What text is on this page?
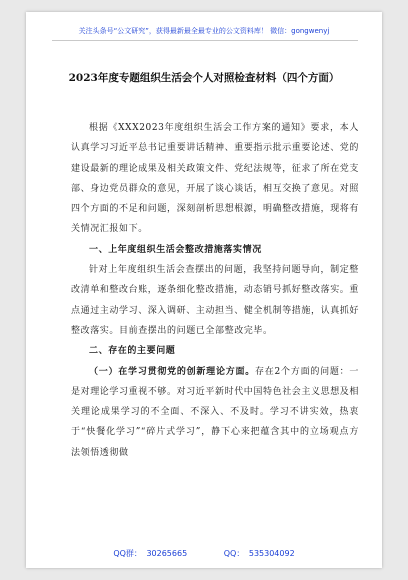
关注头条号“公文研究”，获得最新最全最专业的公文资料库！ 微信：gongwenyj
2023年度专题组织生活会个人对照检查材料（四个方面）
根据《XXX2023年度组织生活会工作方案的通知》要求，本人认真学习习近平总书记重要讲话精神、重要指示批示重要论述、党的建设最新的理论成果及相关政策文件、党纪法规等，征求了所在党支部、身边党员群众的意见，开展了谈心谈话，相互交换了意见。对照四个方面的不足和问题，深刻剖析思想根源，明确整改措施，现将有关情况汇报如下。
一、上年度组织生活会整改措施落实情况
针对上年度组织生活会查摆出的问题，我坚持问题导向，制定整改清单和整改台账，逐条细化整改措施，动态销号抓好整改落实。重点通过主动学习、深入调研、主动担当、健全机制等措施，认真抓好整改落实。目前查摆出的问题已全部整改完毕。
二、存在的主要问题
（一）在学习贯彻党的创新理论方面。存在2个方面的问题：一是对理论学习重视不够。对习近平新时代中国特色社会主义思想及相关理论成果学习的不全面、不深入、不及时。学习不讲实效，热衷于“快餐化学习”“碎片式学习”，静下心来把蕴含其中的立场观点方法领悟透彻做
QQ群： 30265665	QQ： 535304092
